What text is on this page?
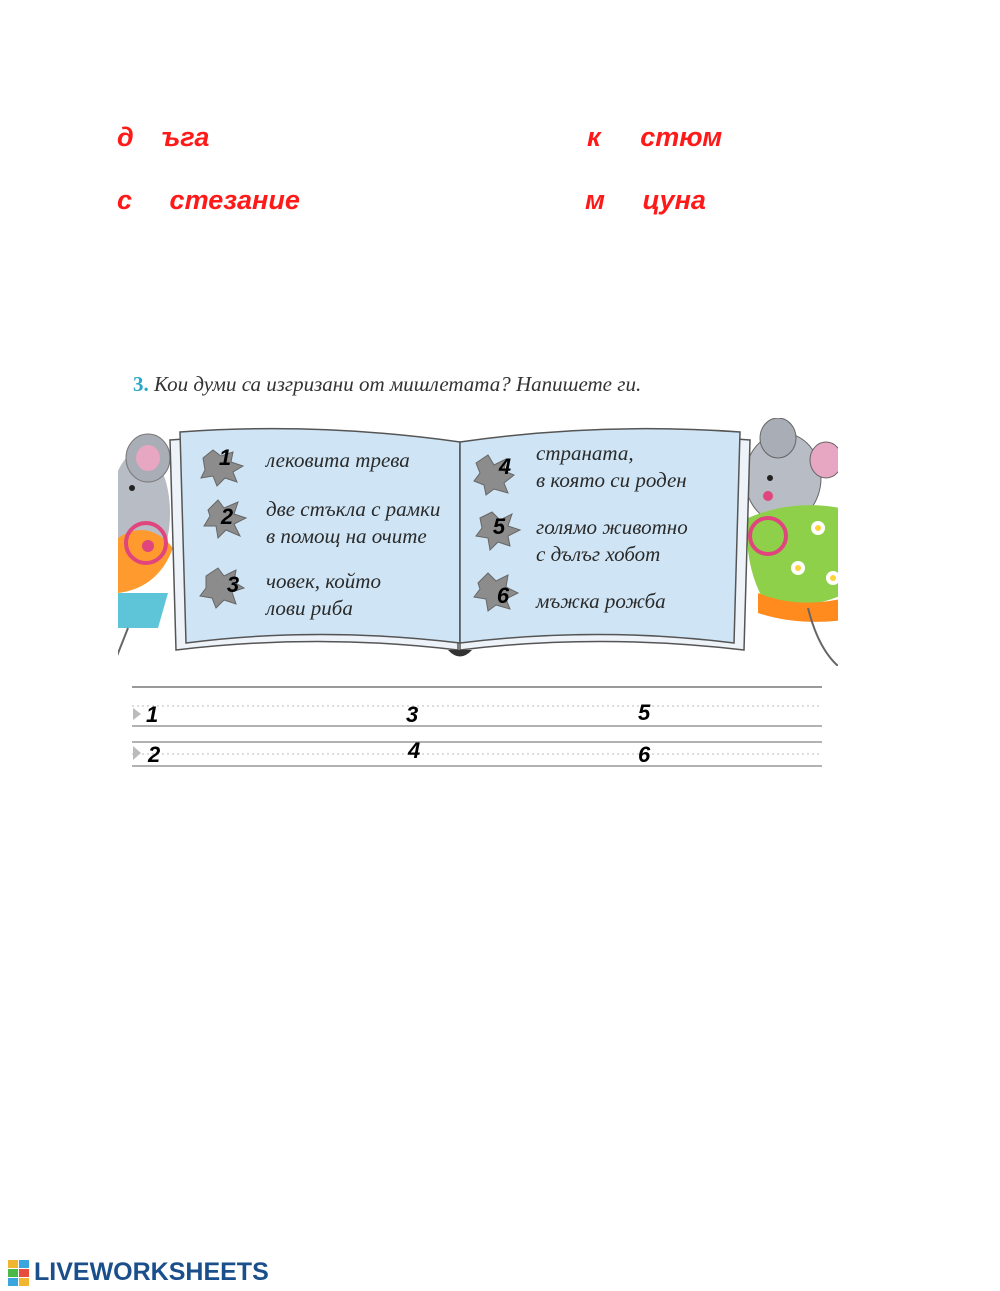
д ъга	к стюм
с стезание	м цуна
3. Кои думи са изгризани от мишлетата? Напишете ги.
1
2
3
4
5
6
лековита трева
две стъкла с рамки
в помощ на очите
човек, който
лови риба
страната,
в която си роден
голямо животно
с дълъг хобот
мъжка рожба
1	3	5
2	4	6
LIVEWORKSHEETS
